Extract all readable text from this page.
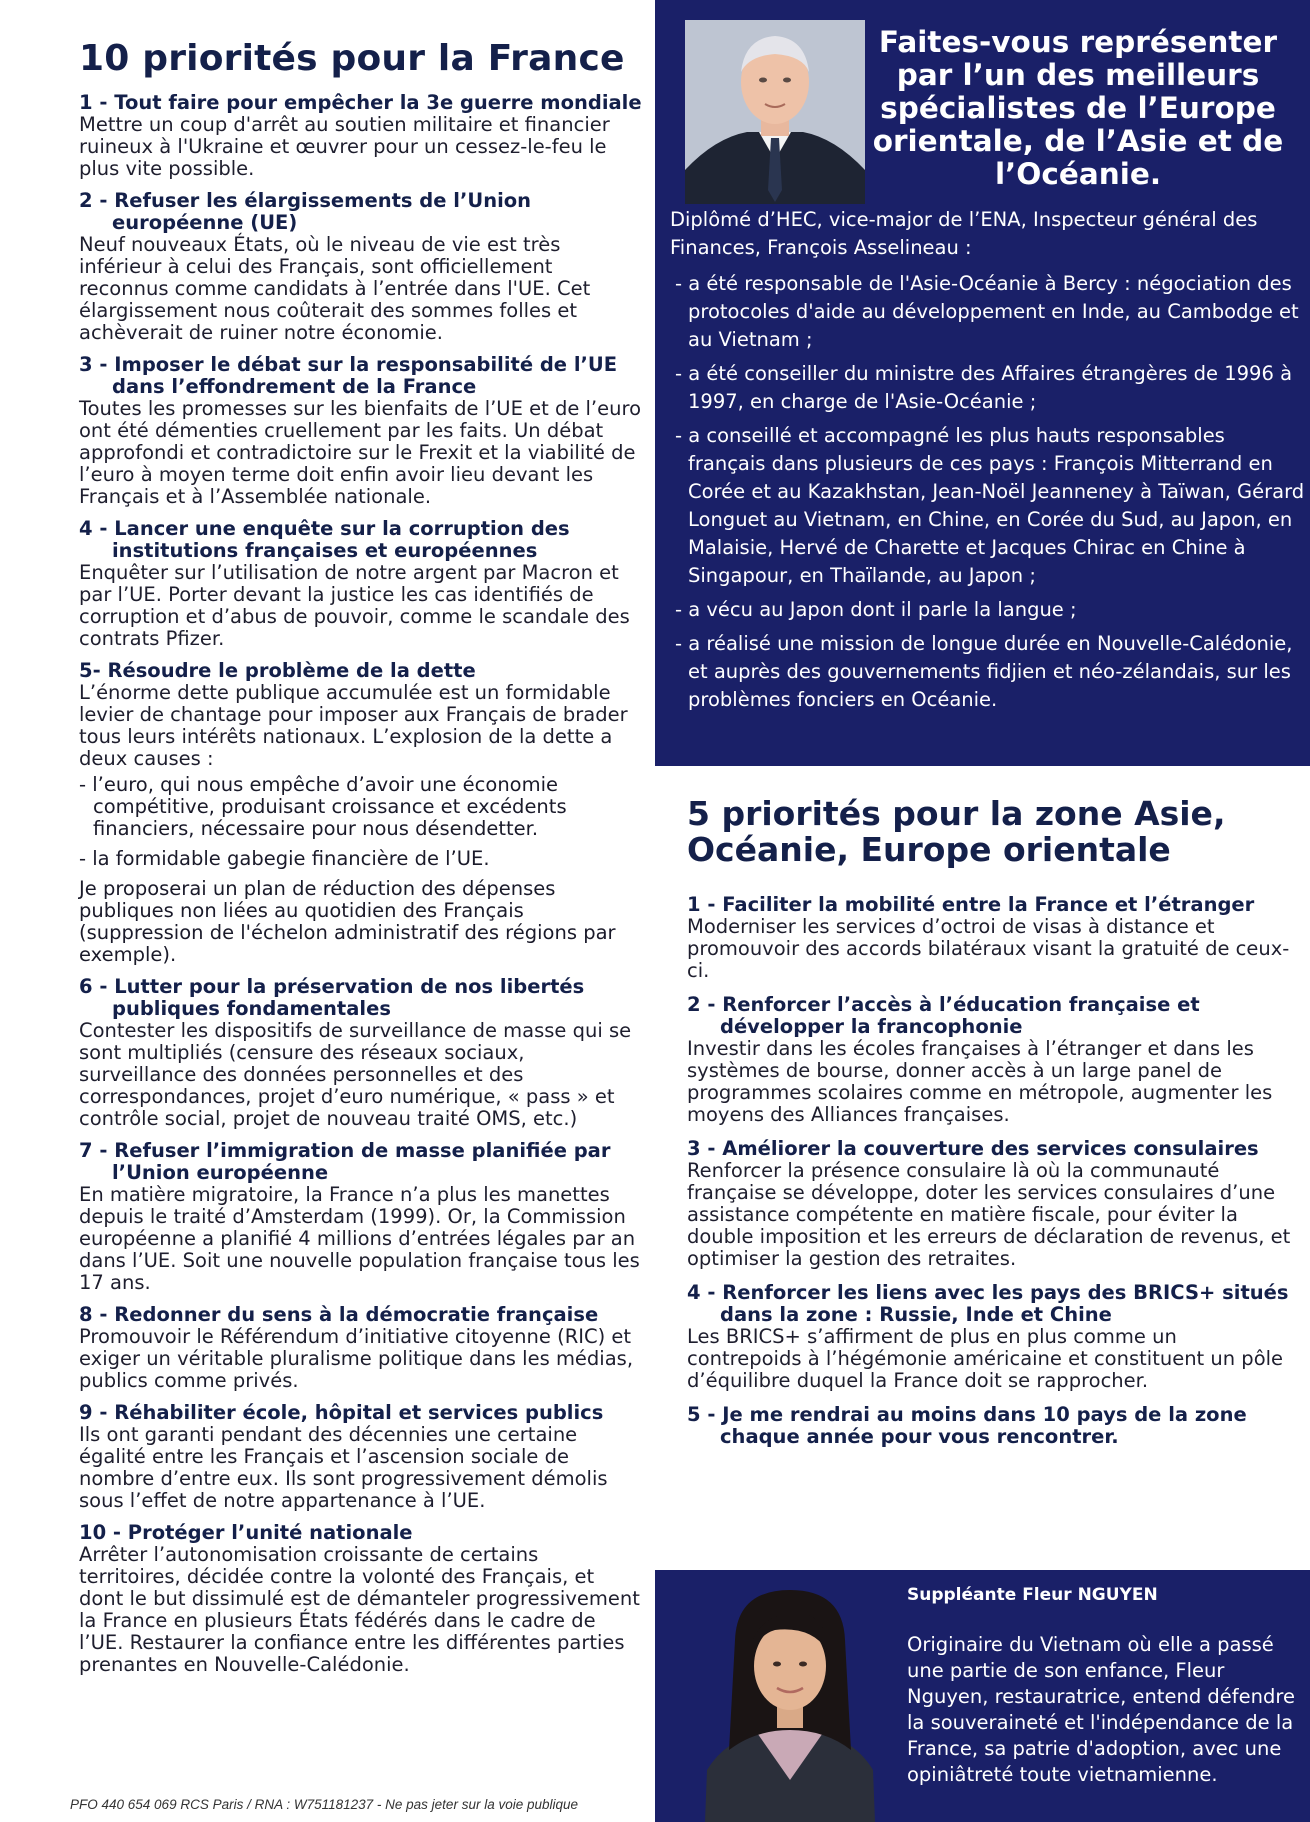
10 priorités pour la France

1 - Tout faire pour empêcher la 3e guerre mondiale

Mettre un coup d'arrêt au soutien militaire et financier ruineux à l'Ukraine et œuvrer pour un cessez-le-feu le plus vite possible.

2 - Refuser les élargissements de l’Union européenne (UE)

Neuf nouveaux États, où le niveau de vie est très inférieur à celui des Français, sont officiellement reconnus comme candidats à l’entrée dans l'UE. Cet élargissement nous coûterait des sommes folles et achèverait de ruiner notre économie.

3 - Imposer le débat sur la responsabilité de l’UE dans l’effondrement de la France

Toutes les promesses sur les bienfaits de l’UE et de l’euro ont été démenties cruellement par les faits. Un débat approfondi et contradictoire sur le Frexit et la viabilité de l’euro à moyen terme doit enfin avoir lieu devant les Français et à l’Assemblée nationale.

4 - Lancer une enquête sur la corruption des institutions françaises et européennes

Enquêter sur l’utilisation de notre argent par Macron et par l’UE. Porter devant la justice les cas identifiés de corruption et d’abus de pouvoir, comme le scandale des contrats Pfizer.

5- Résoudre le problème de la dette

L’énorme dette publique accumulée est un formidable levier de chantage pour imposer aux Français de brader tous leurs intérêts nationaux. L’explosion de la dette a deux causes :

- l’euro, qui nous empêche d’avoir une économie compétitive, produisant croissance et excédents financiers, nécessaire pour nous désendetter.

- la formidable gabegie financière de l’UE.

Je proposerai un plan de réduction des dépenses publiques non liées au quotidien des Français (suppression de l'échelon administratif des régions par exemple).

6 - Lutter pour la préservation de nos libertés publiques fondamentales

Contester les dispositifs de surveillance de masse qui se sont multipliés (censure des réseaux sociaux, surveillance des données personnelles et des correspondances, projet d’euro numérique, « pass » et contrôle social, projet de nouveau traité OMS, etc.)

7 - Refuser l’immigration de masse planifiée par l’Union européenne

En matière migratoire, la France n’a plus les manettes depuis le traité d’Amsterdam (1999). Or, la Commission européenne a planifié 4 millions d’entrées légales par an dans l’UE. Soit une nouvelle population française tous les 17 ans.

8 - Redonner du sens à la démocratie française

Promouvoir le Référendum d’initiative citoyenne (RIC) et exiger un véritable pluralisme politique dans les médias, publics comme privés.

9 - Réhabiliter école, hôpital et services publics

Ils ont garanti pendant des décennies une certaine égalité entre les Français et l’ascension sociale de nombre d’entre eux. Ils sont progressivement démolis sous l’effet de notre appartenance à l’UE.

10 - Protéger l’unité nationale

Arrêter l’autonomisation croissante de certains territoires, décidée contre la volonté des Français, et dont le but dissimulé est de démanteler progressivement la France en plusieurs États fédérés dans le cadre de l’UE. Restaurer la confiance entre les différentes parties prenantes en Nouvelle-Calédonie.

PFO 440 654 069 RCS Paris / RNA : W751181237 - Ne pas jeter sur la voie publique
Faites-vous représenter par l’un des meilleurs spécialistes de l’Europe orientale, de l’Asie et de l’Océanie.
Diplômé d’HEC, vice-major de l’ENA, Inspecteur général des Finances, François Asselineau :

- a été responsable de l'Asie-Océanie à Bercy : négociation des protocoles d'aide au développement en Inde, au Cambodge et au Vietnam ;

- a été conseiller du ministre des Affaires étrangères de 1996 à 1997, en charge de l'Asie-Océanie ;

- a conseillé et accompagné les plus hauts responsables français dans plusieurs de ces pays : François Mitterrand en Corée et au Kazakhstan, Jean-Noël Jeanneney à Taïwan, Gérard Longuet au Vietnam, en Chine, en Corée du Sud, au Japon, en Malaisie, Hervé de Charette et Jacques Chirac en Chine à Singapour, en Thaïlande, au Japon ;

- a vécu au Japon dont il parle la langue ;

- a réalisé une mission de longue durée en Nouvelle-Calédonie, et auprès des gouvernements fidjien et néo-zélandais, sur les problèmes fonciers en Océanie.

5 priorités pour la zone Asie, Océanie, Europe orientale

1 - Faciliter la mobilité entre la France et l’étranger

Moderniser les services d’octroi de visas à distance et promouvoir des accords bilatéraux visant la gratuité de ceux-ci.

2 - Renforcer l’accès à l’éducation française et développer la francophonie

Investir dans les écoles françaises à l’étranger et dans les systèmes de bourse, donner accès à un large panel de programmes scolaires comme en métropole, augmenter les moyens des Alliances françaises.

3 - Améliorer la couverture des services consulaires

Renforcer la présence consulaire là où la communauté française se développe, doter les services consulaires d’une assistance compétente en matière fiscale, pour éviter la double imposition et les erreurs de déclaration de revenus, et optimiser la gestion des retraites.

4 - Renforcer les liens avec les pays des BRICS+ situés dans la zone : Russie, Inde et Chine

Les BRICS+ s’affirment de plus en plus comme un contrepoids à l’hégémonie américaine et constituent un pôle d’équilibre duquel la France doit se rapprocher.

5 - Je me rendrai au moins dans 10 pays de la zone chaque année pour vous rencontrer.

Suppléante Fleur NGUYEN
Originaire du Vietnam où elle a passé une partie de son enfance, Fleur Nguyen, restauratrice, entend défendre la souveraineté et l'indépendance de la France, sa patrie d'adoption, avec une opiniâtreté toute vietnamienne.
